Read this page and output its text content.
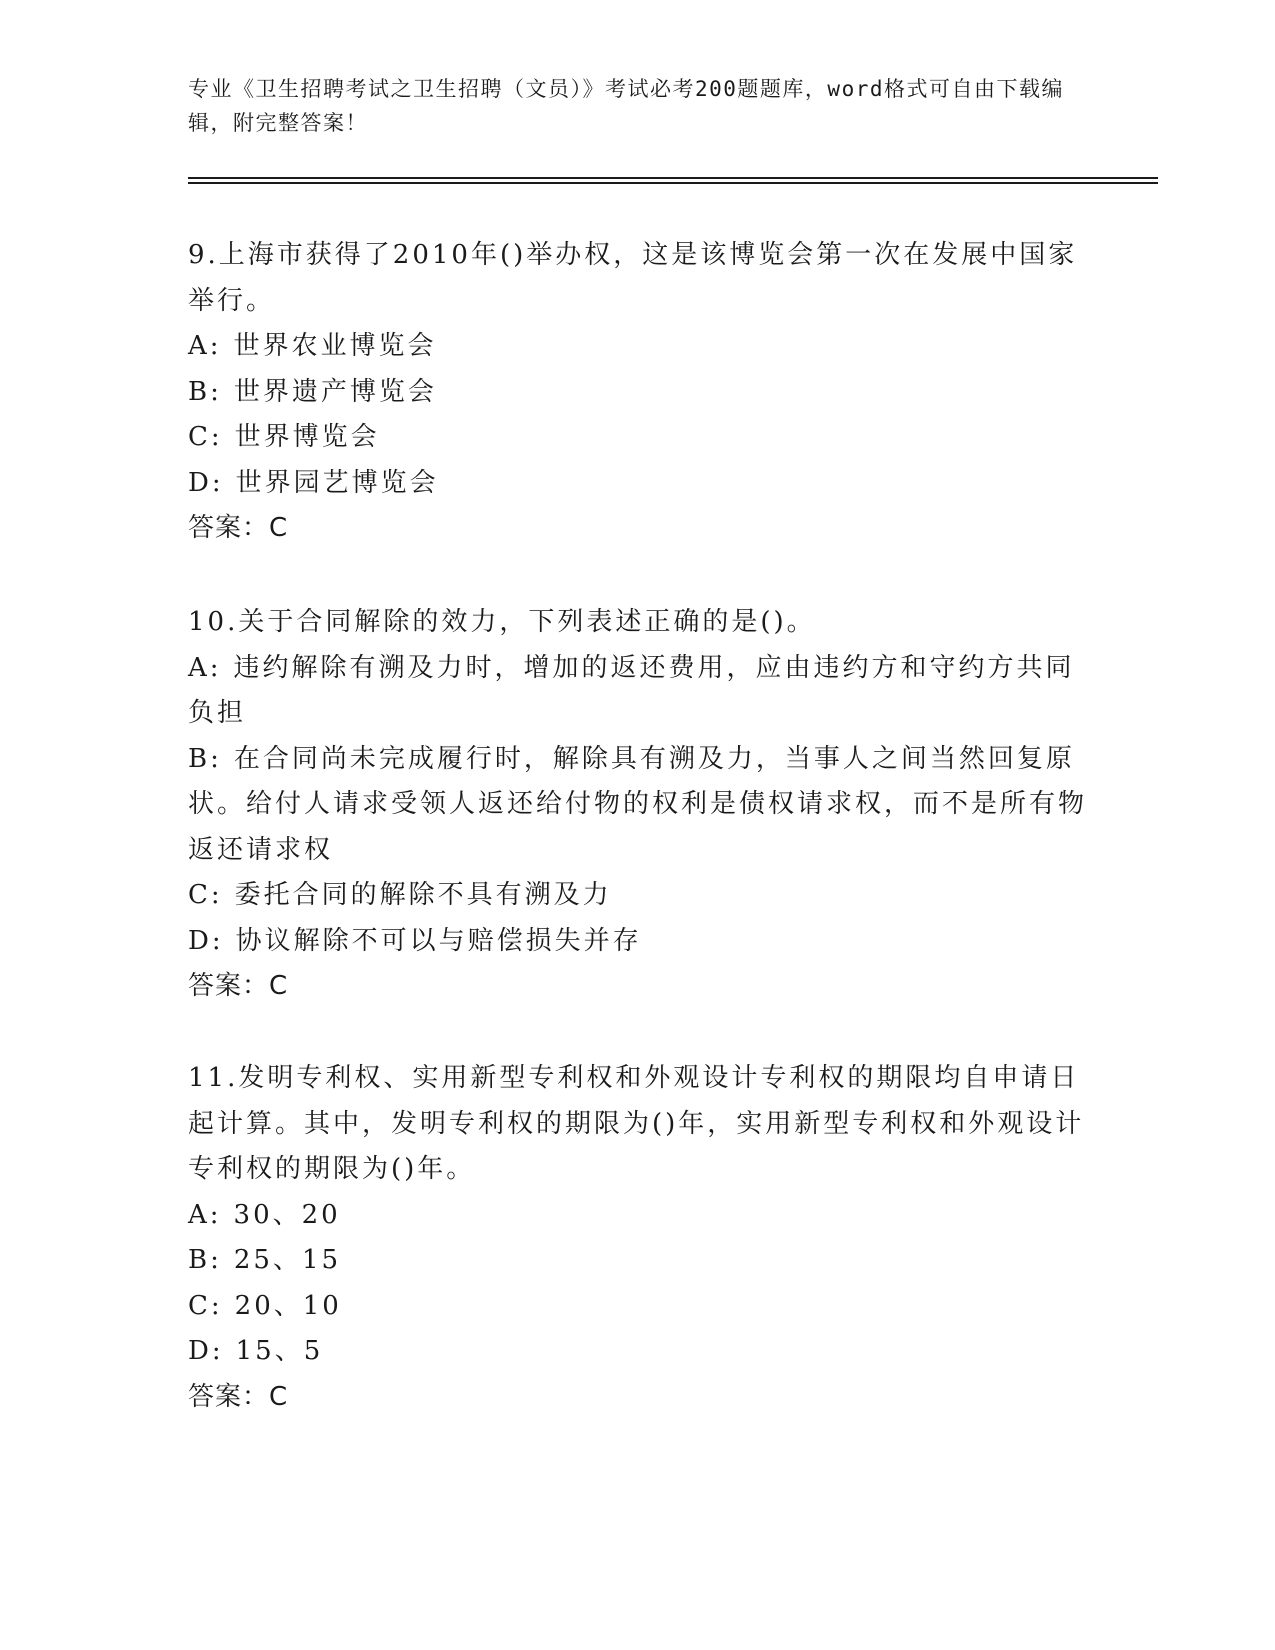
专业《卫生招聘考试之卫生招聘（文员）》考试必考200题题库，word格式可自由下载编辑，附完整答案！

9.上海市获得了2010年()举办权，这是该博览会第一次在发展中国家举行。

A: 世界农业博览会

B: 世界遗产博览会

C: 世界博览会

D: 世界园艺博览会

答案：C

10.关于合同解除的效力，下列表述正确的是()。

A: 违约解除有溯及力时，增加的返还费用，应由违约方和守约方共同负担

B: 在合同尚未完成履行时，解除具有溯及力，当事人之间当然回复原状。给付人请求受领人返还给付物的权利是债权请求权，而不是所有物返还请求权

C: 委托合同的解除不具有溯及力

D: 协议解除不可以与赔偿损失并存

答案：C

11.发明专利权、实用新型专利权和外观设计专利权的期限均自申请日起计算。其中，发明专利权的期限为()年，实用新型专利权和外观设计专利权的期限为()年。

A: 30、20

B: 25、15

C: 20、10

D: 15、5

答案：C
